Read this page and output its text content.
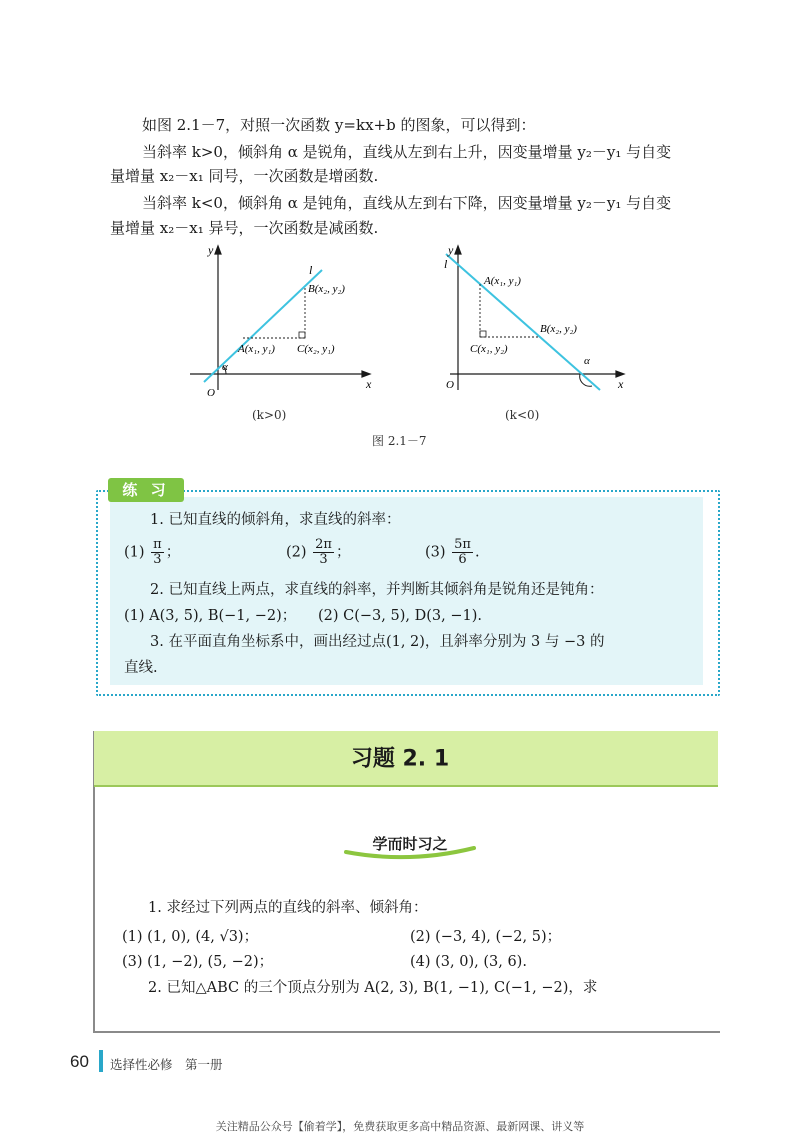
如图 2.1－7，对照一次函数 y=kx+b 的图象，可以得到：
当斜率 k>0，倾斜角 α 是锐角，直线从左到右上升，因变量增量 y₂－y₁ 与自变
量增量 x₂－x₁ 同号，一次函数是增函数.
当斜率 k<0，倾斜角 α 是钝角，直线从左到右下降，因变量增量 y₂－y₁ 与自变
量增量 x₂－x₁ 异号，一次函数是减函数.
x
y
O
l
α
B(x₂, y₂)
A(x₁, y₁) C(x₂, y₁)
x
y
O
l
α
A(x₁, y₁)
B(x₂, y₂)
C(x₁, y₂)
(k>0)	(k<0)
图 2.1－7
练 习
1. 已知直线的倾斜角，求直线的斜率：
$(1) \frac{\pi}{3}$ ；	$(2) \frac{2\pi}{3}$ ；	$(3) \frac{5\pi}{6}$ .
2. 已知直线上两点，求直线的斜率，并判断其倾斜角是锐角还是钝角：
(1) A(3, 5), B(−1, −2)；　　(2) C(−3, 5), D(3, −1).
3. 在平面直角坐标系中，画出经过点(1, 2)，且斜率分别为 3 与 −3 的
直线.
习题 2. 1
学而时习之
1. 求经过下列两点的直线的斜率、倾斜角：
(1) (1, 0), (4, √3)；	(2) (−3, 4), (−2, 5)；
(3) (1, −2), (5, −2)；	(4) (3, 0), (3, 6).
2. 已知△ABC 的三个顶点分别为 A(2, 3), B(1, −1), C(−1, −2)，求
60 选择性必修　第一册
关注精品公众号【偷着学】，免费获取更多高中精品资源、最新网课、讲义等
